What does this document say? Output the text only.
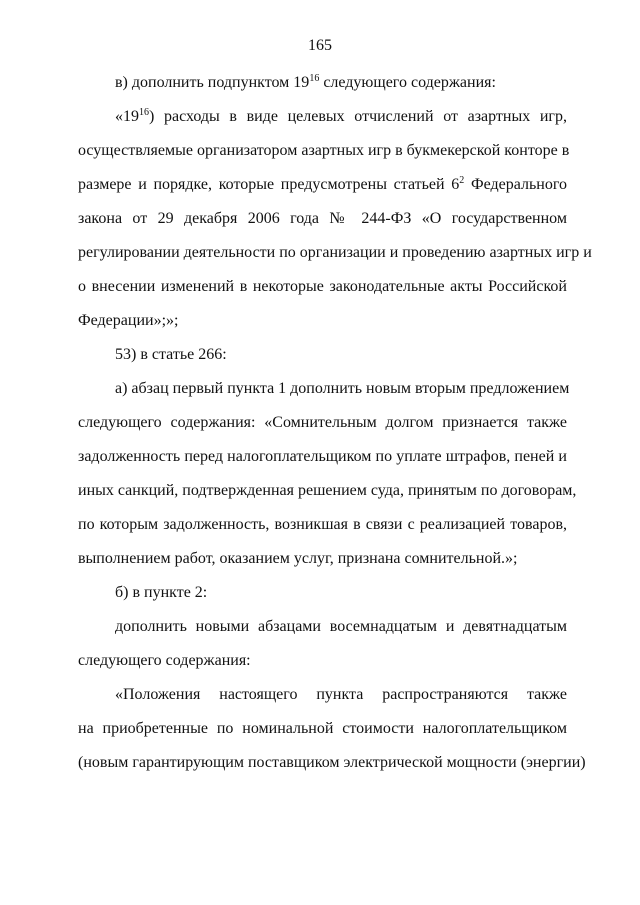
165
в) дополнить подпунктом $19^{16}$ следующего содержания:
«$19^{16}$) расходы в виде целевых отчислений от азартных игр,
осуществляемые организатором азартных игр в букмекерской конторе в
размере и порядке, которые предусмотрены статьей $6^2$ Федерального
закона от 29 декабря 2006 года № 244-ФЗ «О государственном
регулировании деятельности по организации и проведению азартных игр и
о внесении изменений в некоторые законодательные акты Российской
Федерации»;»;
53) в статье 266:
а) абзац первый пункта 1 дополнить новым вторым предложением
следующего содержания: «Сомнительным долгом признается также
задолженность перед налогоплательщиком по уплате штрафов, пеней и
иных санкций, подтвержденная решением суда, принятым по договорам,
по которым задолженность, возникшая в связи с реализацией товаров,
выполнением работ, оказанием услуг, признана сомнительной.»;
б) в пункте 2:
дополнить новыми абзацами восемнадцатым и девятнадцатым
следующего содержания:
«Положения настоящего пункта распространяются также
на приобретенные по номинальной стоимости налогоплательщиком
(новым гарантирующим поставщиком электрической мощности (энергии)
